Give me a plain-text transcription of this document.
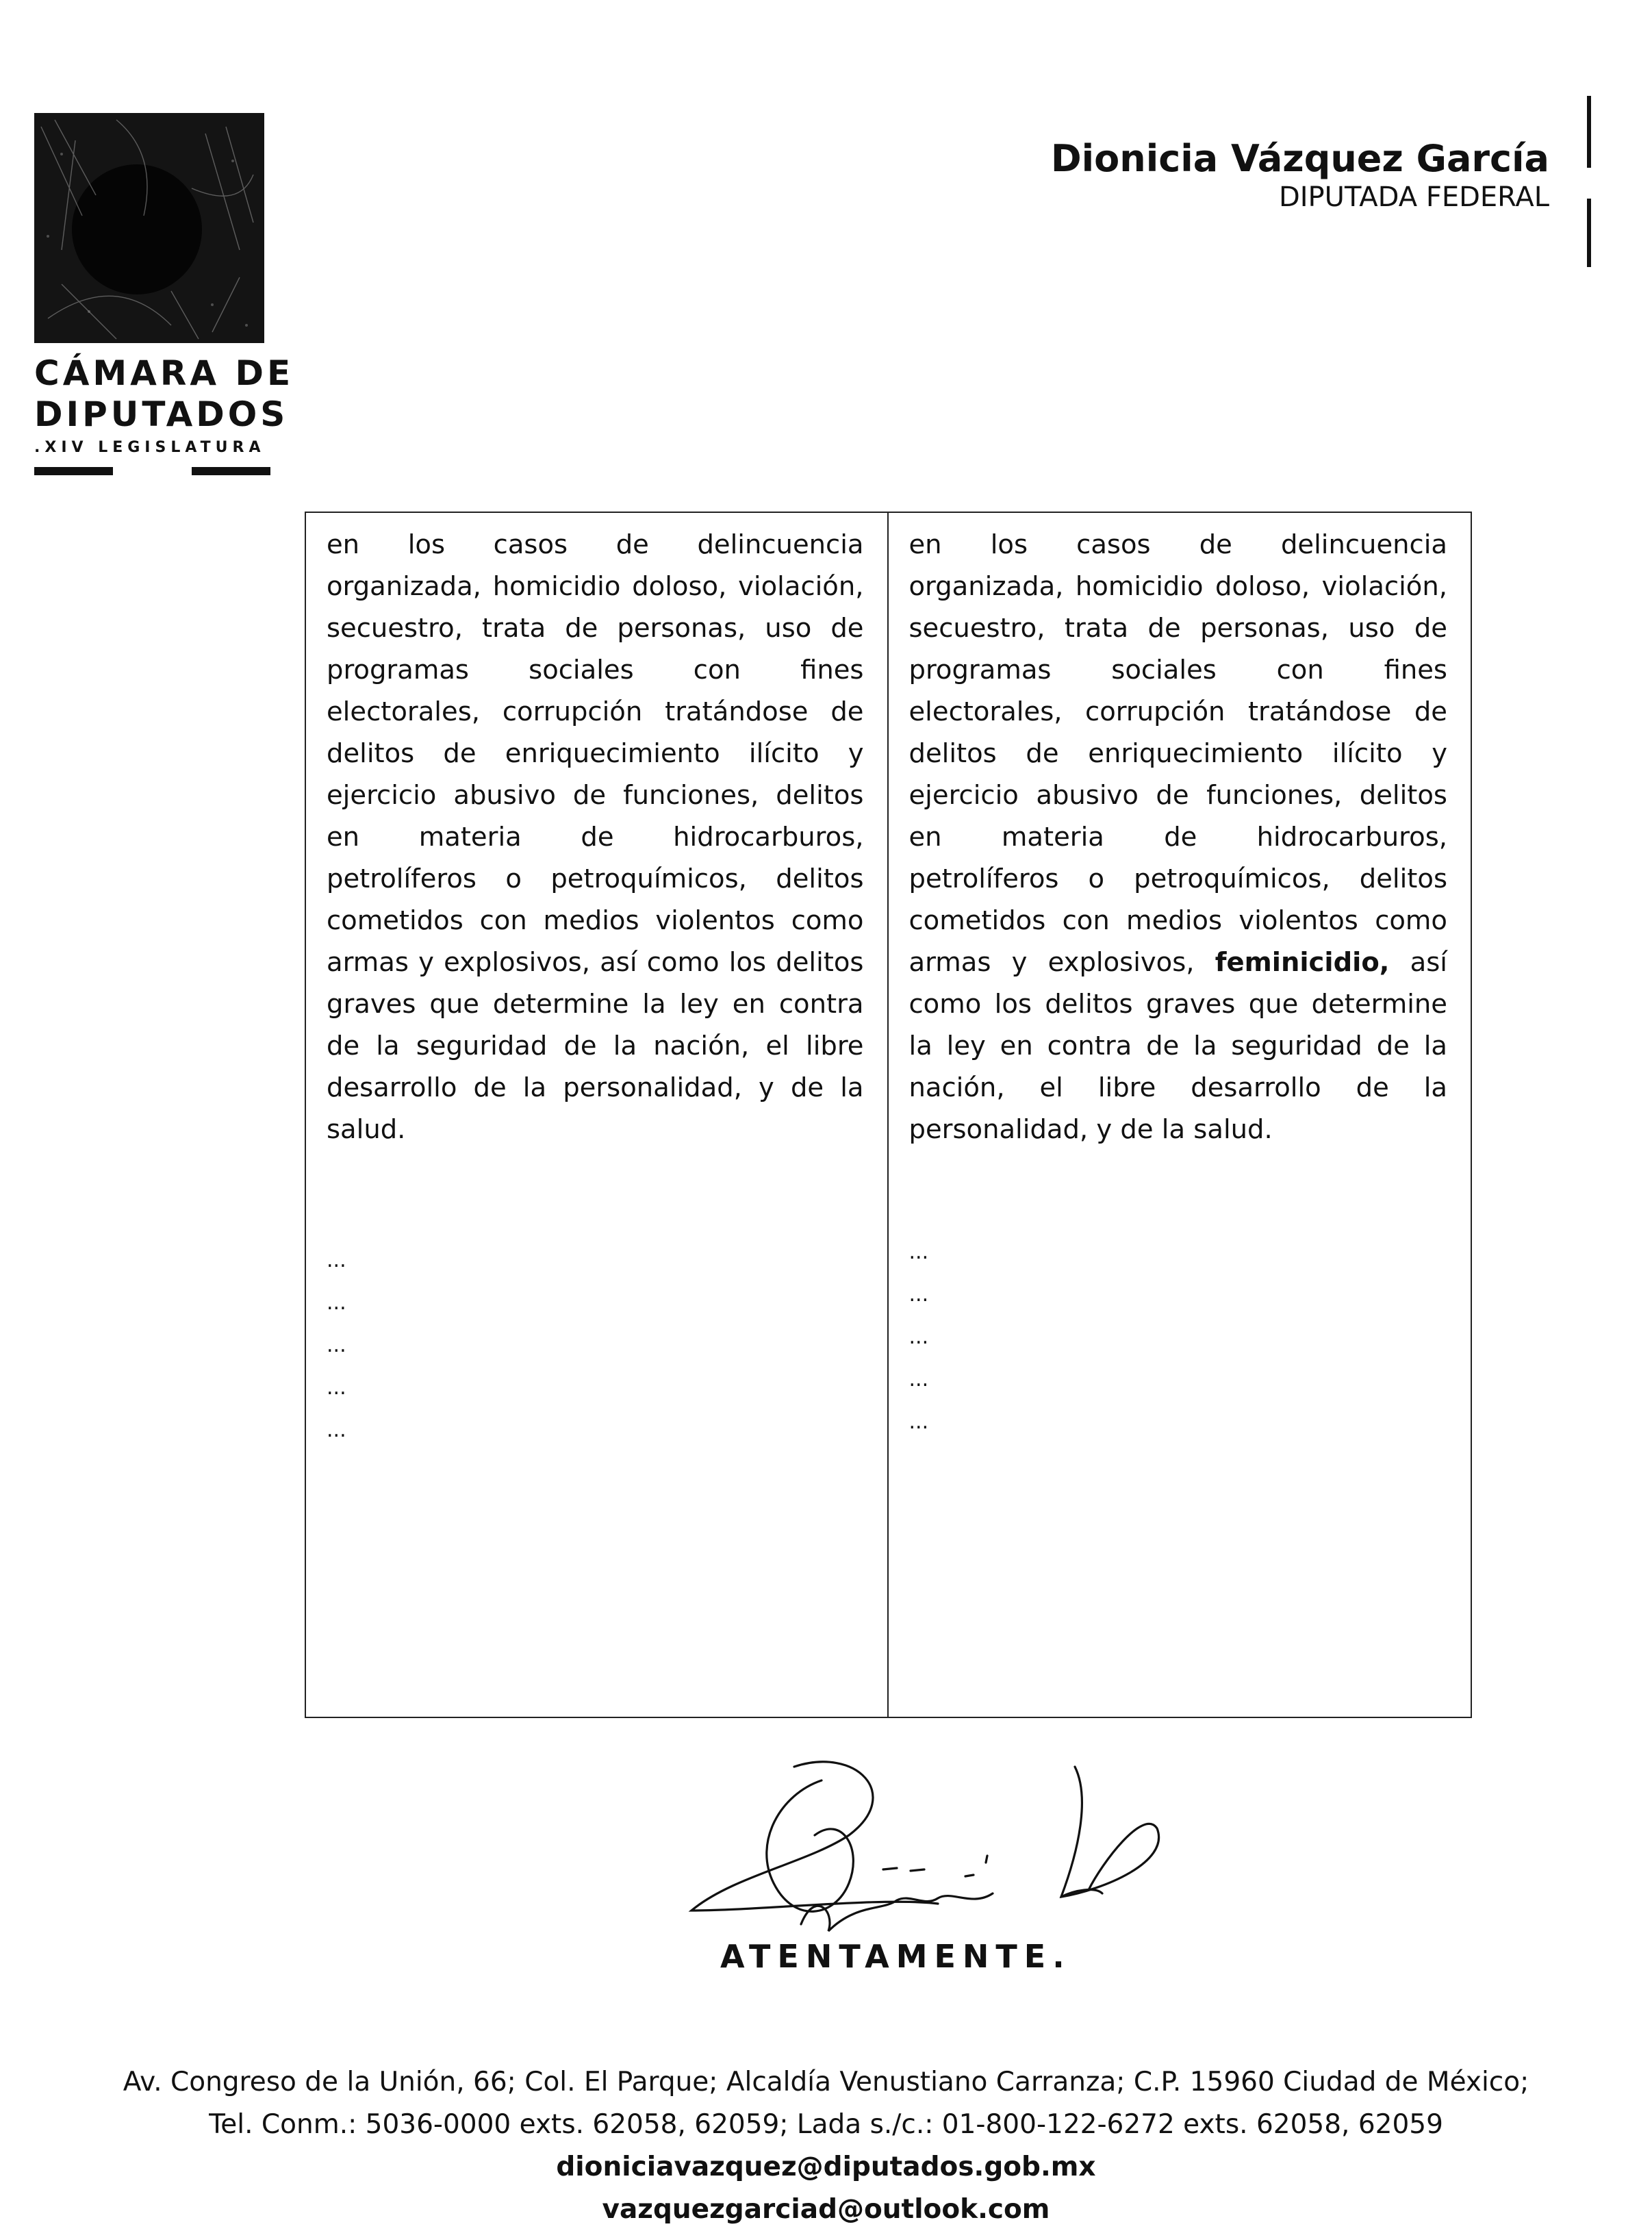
CÁMARA DE
DIPUTADOS
.XIV LEGISLATURA
Dionicia Vázquez García
DIPUTADA FEDERAL

en los casos de delincuencia organizada, homicidio doloso, violación, secuestro, trata de personas, uso de programas sociales con fines electorales, corrupción tratándose de delitos de enriquecimiento ilícito y ejercicio abusivo de funciones, delitos en materia de hidrocarburos, petrolíferos o petroquímicos, delitos cometidos con medios violentos como armas y explosivos, así como los delitos graves que determine la ley en contra de la seguridad de la nación, el libre desarrollo de la personalidad, y de la salud.

...
...
...
...
...

en los casos de delincuencia organizada, homicidio doloso, violación, secuestro, trata de personas, uso de programas sociales con fines electorales, corrupción tratándose de delitos de enriquecimiento ilícito y ejercicio abusivo de funciones, delitos en materia de hidrocarburos, petrolíferos o petroquímicos, delitos cometidos con medios violentos como armas y explosivos, feminicidio, así como los delitos graves que determine la ley en contra de la seguridad de la nación, el libre desarrollo de la personalidad, y de la salud.

...
...
...
...
...
ATENTAMENTE.
Av. Congreso de la Unión, 66; Col. El Parque; Alcaldía Venustiano Carranza; C.P. 15960 Ciudad de México;
Tel. Conm.: 5036-0000 exts. 62058, 62059; Lada s./c.: 01-800-122-6272 exts. 62058, 62059
dioniciavazquez@diputados.gob.mx
vazquezgarciad@outlook.com
